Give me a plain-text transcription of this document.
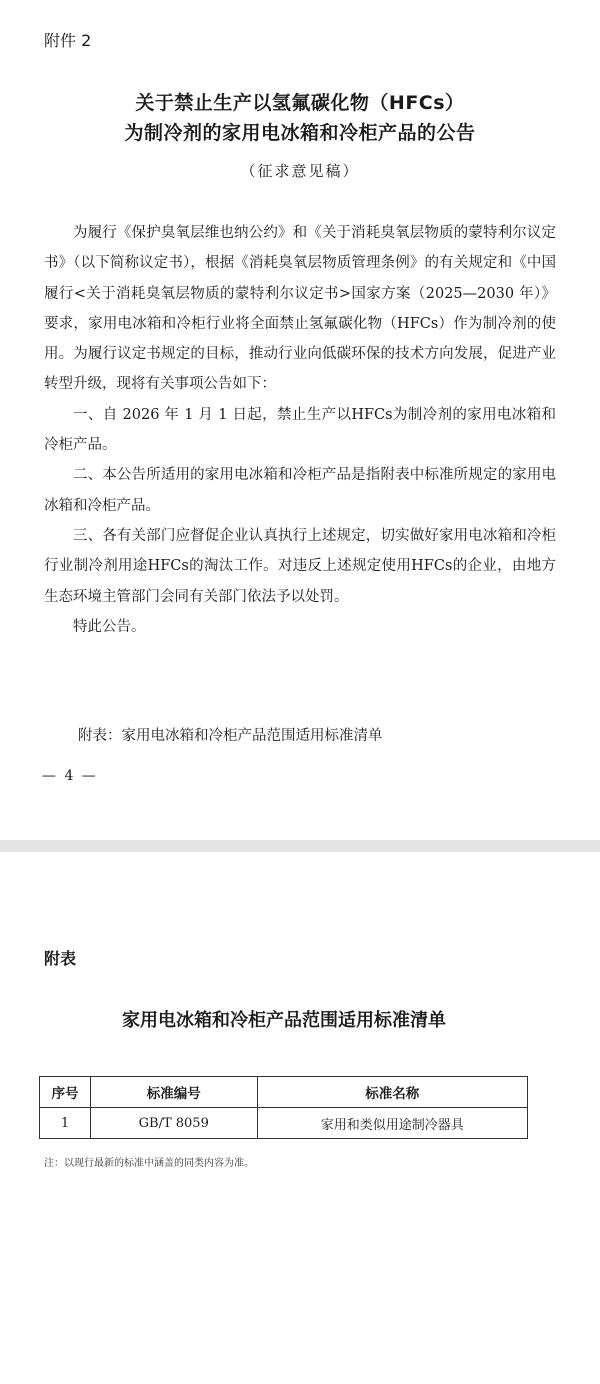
附件 2
关于禁止生产以氢氟碳化物（HFCs）
为制冷剂的家用电冰箱和冷柜产品的公告
（征求意见稿）

为履行《保护臭氧层维也纳公约》和《关于消耗臭氧层物质的蒙特利尔议定书》（以下简称议定书），根据《消耗臭氧层物质管理条例》的有关规定和《中国履行<关于消耗臭氧层物质的蒙特利尔议定书>国家方案（2025—2030 年）》要求，家用电冰箱和冷柜行业将全面禁止氢氟碳化物（HFCs）作为制冷剂的使用。为履行议定书规定的目标，推动行业向低碳环保的技术方向发展，促进产业转型升级，现将有关事项公告如下：

一、自 2026 年 1 月 1 日起，禁止生产以HFCs为制冷剂的家用电冰箱和冷柜产品。

二、本公告所适用的家用电冰箱和冷柜产品是指附表中标准所规定的家用电冰箱和冷柜产品。

三、各有关部门应督促企业认真执行上述规定，切实做好家用电冰箱和冷柜行业制冷剂用途HFCs的淘汰工作。对违反上述规定使用HFCs的企业，由地方生态环境主管部门会同有关部门依法予以处罚。

特此公告。

附表：家用电冰箱和冷柜产品范围适用标准清单
— 4 —
附表
家用电冰箱和冷柜产品范围适用标准清单
序号	标准编号	标准名称
1	GB/T 8059	家用和类似用途制冷器具
注：以现行最新的标准中涵盖的同类内容为准。
